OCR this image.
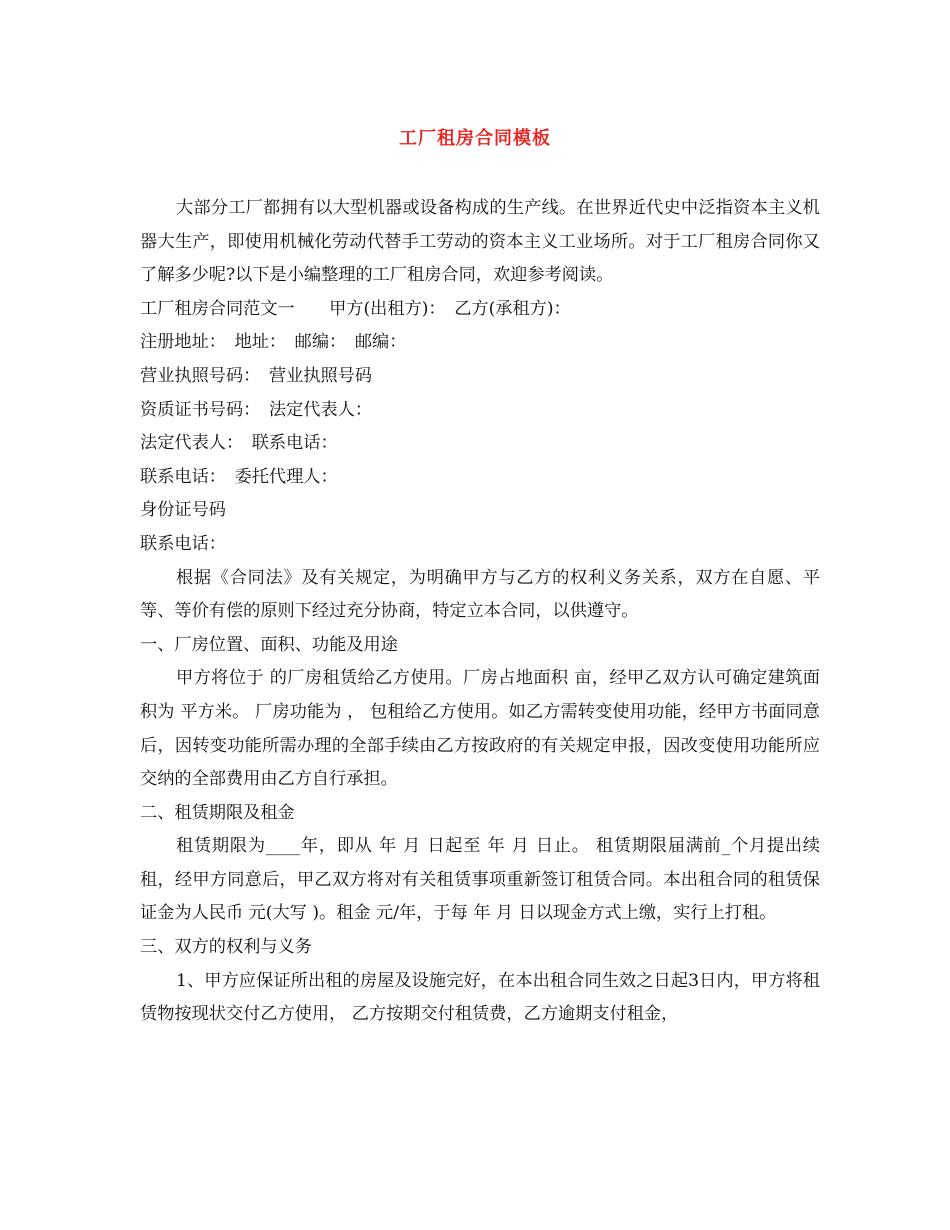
工厂租房合同模板

大部分工厂都拥有以大型机器或设备构成的生产线。在世界近代史中泛指资本主义机器大生产，即使用机械化劳动代替手工劳动的资本主义工业场所。对于工厂租房合同你又了解多少呢?以下是小编整理的工厂租房合同，欢迎参考阅读。

工厂租房合同范文一　　甲方(出租方)：　乙方(承租方)：

注册地址：　地址：　邮编：　邮编：

营业执照号码：　营业执照号码

资质证书号码：　法定代表人：

法定代表人：　联系电话：

联系电话：　委托代理人：

身份证号码

联系电话：

根据《合同法》及有关规定，为明确甲方与乙方的权利义务关系，双方在自愿、平等、等价有偿的原则下经过充分协商，特定立本合同，以供遵守。

一、厂房位置、面积、功能及用途

甲方将位于 的厂房租赁给乙方使用。厂房占地面积 亩，经甲乙双方认可确定建筑面积为 平方米。 厂房功能为 ， 包租给乙方使用。如乙方需转变使用功能，经甲方书面同意后，因转变功能所需办理的全部手续由乙方按政府的有关规定申报，因改变使用功能所应交纳的全部费用由乙方自行承担。

二、租赁期限及租金

租赁期限为____年，即从 年 月 日起至 年 月 日止。 租赁期限届满前_个月提出续租，经甲方同意后，甲乙双方将对有关租赁事项重新签订租赁合同。本出租合同的租赁保证金为人民币 元(大写 )。租金 元/年，于每 年 月 日以现金方式上缴，实行上打租。

三、双方的权利与义务

1、甲方应保证所出租的房屋及设施完好，在本出租合同生效之日起3日内，甲方将租赁物按现状交付乙方使用， 乙方按期交付租赁费，乙方逾期支付租金，
